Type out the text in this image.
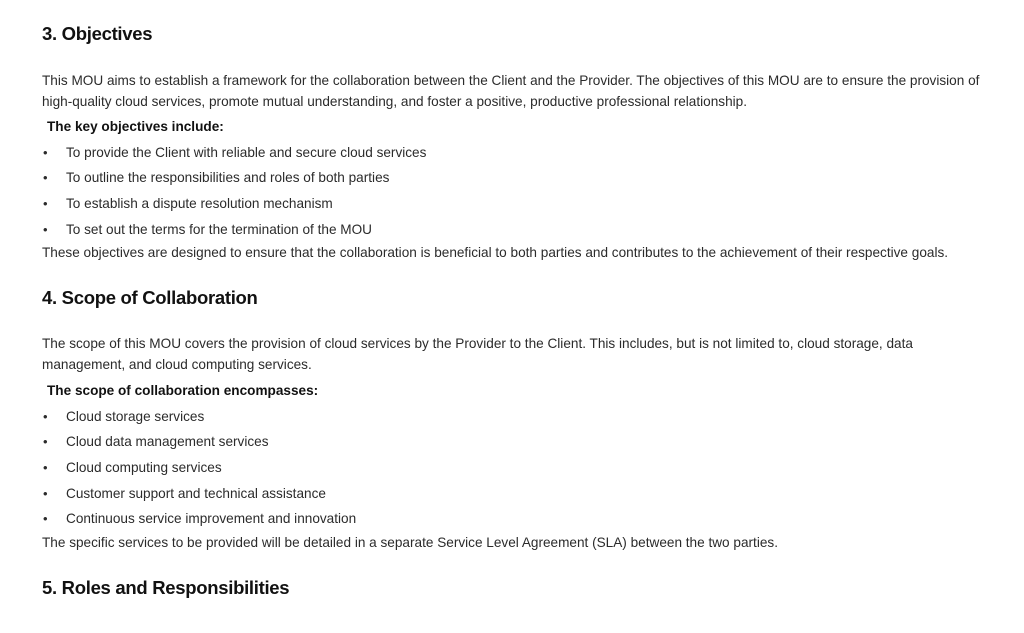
3. Objectives

This MOU aims to establish a framework for the collaboration between the Client and the Provider. The objectives of this MOU are to ensure the provision of high-quality cloud services, promote mutual understanding, and foster a positive, productive professional relationship.

The key objectives include:
• To provide the Client with reliable and secure cloud services
• To outline the responsibilities and roles of both parties
• To establish a dispute resolution mechanism
• To set out the terms for the termination of the MOU

These objectives are designed to ensure that the collaboration is beneficial to both parties and contributes to the achievement of their respective goals.

4. Scope of Collaboration

The scope of this MOU covers the provision of cloud services by the Provider to the Client. This includes, but is not limited to, cloud storage, data management, and cloud computing services.

The scope of collaboration encompasses:
• Cloud storage services
• Cloud data management services
• Cloud computing services
• Customer support and technical assistance
• Continuous service improvement and innovation

The specific services to be provided will be detailed in a separate Service Level Agreement (SLA) between the two parties.

5. Roles and Responsibilities
